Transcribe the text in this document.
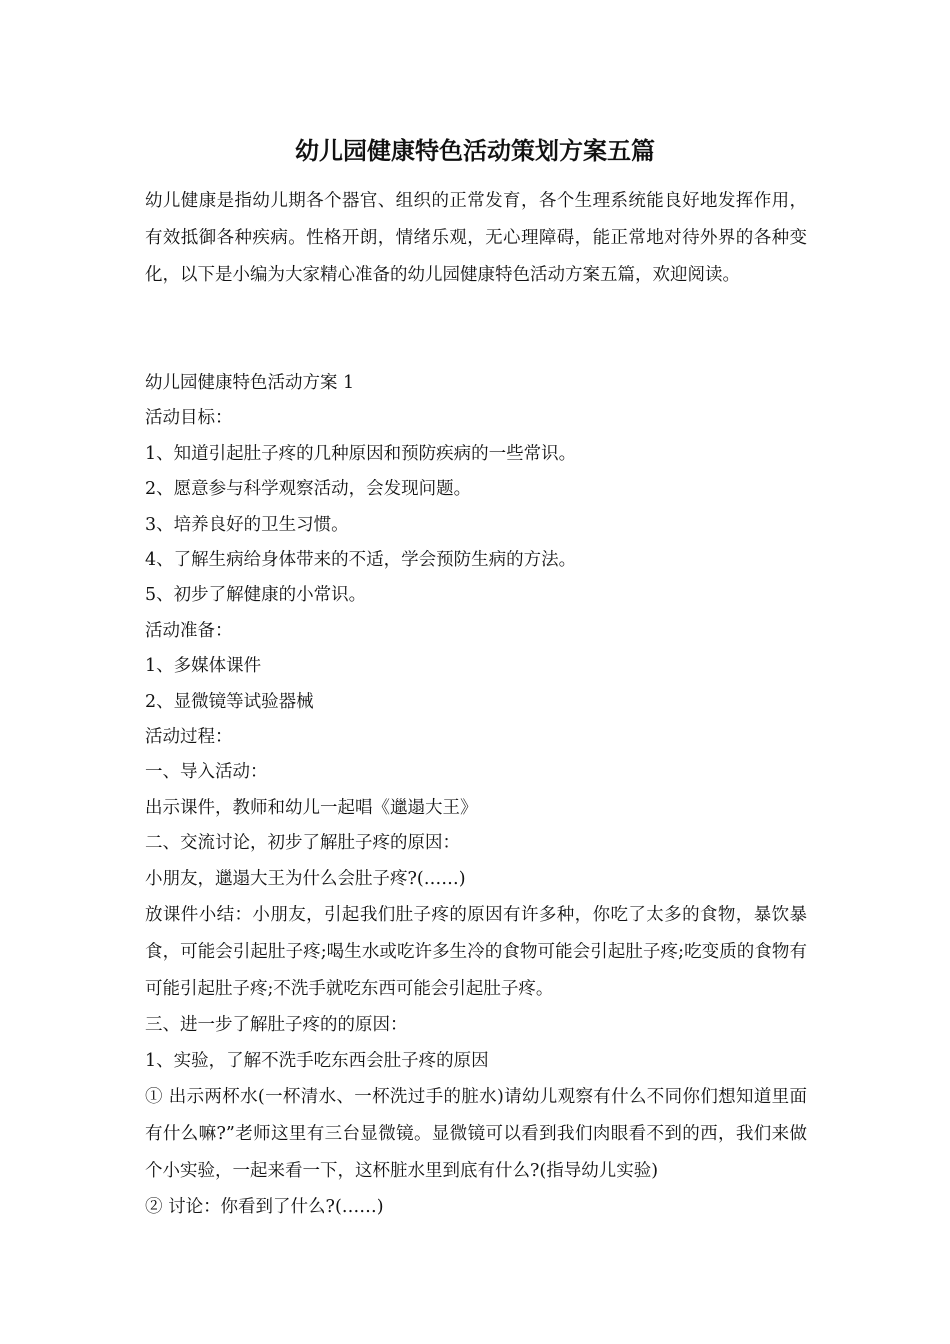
幼儿园健康特色活动策划方案五篇
幼儿健康是指幼儿期各个器官、组织的正常发育，各个生理系统能良好地发挥作用，有效抵御各种疾病。性格开朗，情绪乐观，无心理障碍，能正常地对待外界的各种变化，以下是小编为大家精心准备的幼儿园健康特色活动方案五篇，欢迎阅读。
幼儿园健康特色活动方案 1
活动目标：
1、知道引起肚子疼的几种原因和预防疾病的一些常识。
2、愿意参与科学观察活动，会发现问题。
3、培养良好的卫生习惯。
4、了解生病给身体带来的不适，学会预防生病的方法。
5、初步了解健康的小常识。
活动准备：
1、多媒体课件
2、显微镜等试验器械
活动过程：
一、导入活动：
出示课件，教师和幼儿一起唱《邋遢大王》
二、交流讨论，初步了解肚子疼的原因：
小朋友，邋遢大王为什么会肚子疼?(……)
放课件小结：小朋友，引起我们肚子疼的原因有许多种，你吃了太多的食物，暴饮暴食，可能会引起肚子疼;喝生水或吃许多生冷的食物可能会引起肚子疼;吃变质的食物有可能引起肚子疼;不洗手就吃东西可能会引起肚子疼。
三、进一步了解肚子疼的的原因：
1、实验，了解不洗手吃东西会肚子疼的原因
① 出示两杯水(一杯清水、一杯洗过手的脏水)请幼儿观察有什么不同你们想知道里面有什么嘛?”老师这里有三台显微镜。显微镜可以看到我们肉眼看不到的西，我们来做个小实验，一起来看一下，这杯脏水里到底有什么?(指导幼儿实验)
② 讨论：你看到了什么?(……)
